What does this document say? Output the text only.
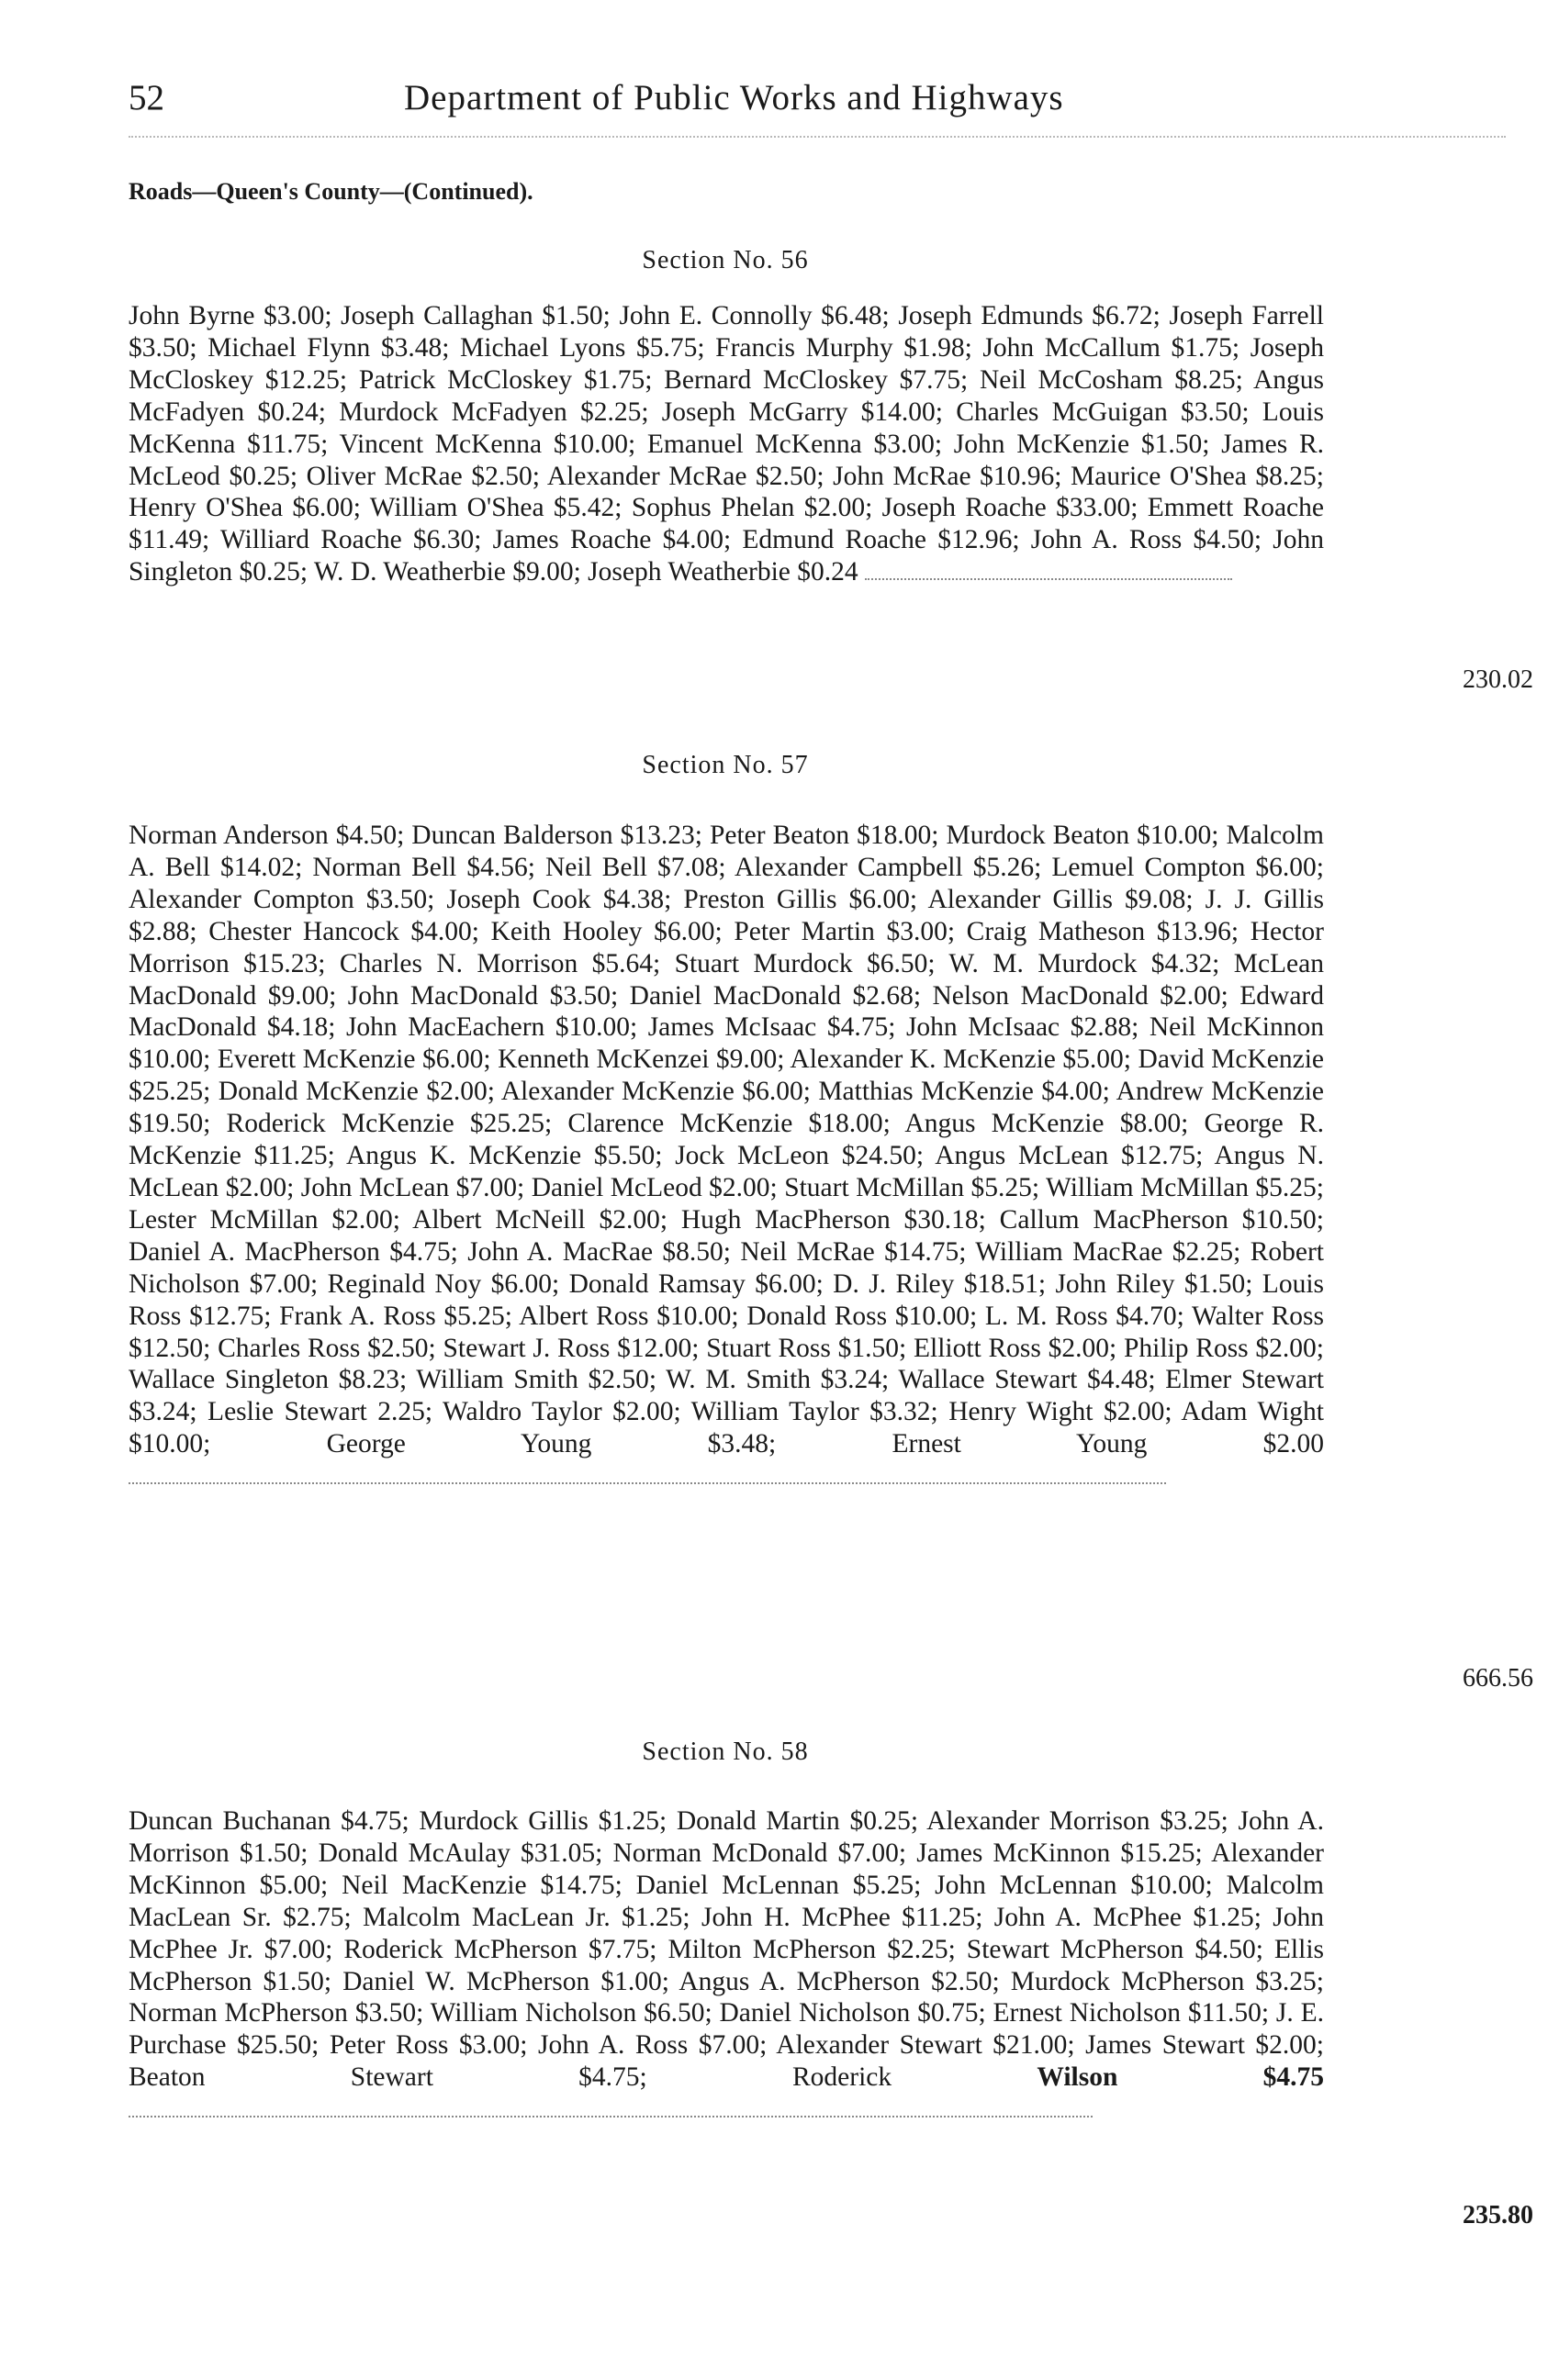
52	Department of Public Works and Highways
Roads—Queen's County—(Continued).
Section No. 56

John Byrne $3.00; Joseph Callaghan $1.50; John E. Connolly $6.48; Joseph Edmunds $6.72; Joseph Farrell $3.50; Michael Flynn $3.48; Michael Lyons $5.75; Francis Murphy $1.98; John McCallum $1.75; Joseph McCloskey $12.25; Patrick McCloskey $1.75; Bernard McCloskey $7.75; Neil McCosham $8.25; Angus McFadyen $0.24; Murdock McFadyen $2.25; Joseph McGarry $14.00; Charles McGuigan $3.50; Louis McKenna $11.75; Vincent McKenna $10.00; Emanuel McKenna $3.00; John McKenzie $1.50; James R. McLeod $0.25; Oliver McRae $2.50; Alexander McRae $2.50; John McRae $10.96; Maurice O'Shea $8.25; Henry O'Shea $6.00; William O'Shea $5.42; Sophus Phelan $2.00; Joseph Roache $33.00; Emmett Roache $11.49; Williard Roache $6.30; James Roache $4.00; Edmund Roache $12.96; John A. Ross $4.50; John Singleton $0.25; W. D. Weatherbie $9.00; Joseph Weatherbie $0.24

230.02
Section No. 57

Norman Anderson $4.50; Duncan Balderson $13.23; Peter Beaton $18.00; Murdock Beaton $10.00; Malcolm A. Bell $14.02; Norman Bell $4.56; Neil Bell $7.08; Alexander Campbell $5.26; Lemuel Compton $6.00; Alexander Compton $3.50; Joseph Cook $4.38; Preston Gillis $6.00; Alexander Gillis $9.08; J. J. Gillis $2.88; Chester Hancock $4.00; Keith Hooley $6.00; Peter Martin $3.00; Craig Matheson $13.96; Hector Morrison $15.23; Charles N. Morrison $5.64; Stuart Murdock $6.50; W. M. Murdock $4.32; McLean MacDonald $9.00; John MacDonald $3.50; Daniel MacDonald $2.68; Nelson MacDonald $2.00; Edward MacDonald $4.18; John MacEachern $10.00; James McIsaac $4.75; John McIsaac $2.88; Neil McKinnon $10.00; Everett McKenzie $6.00; Kenneth McKenzei $9.00; Alexander K. McKenzie $5.00; David McKenzie $25.25; Donald McKenzie $2.00; Alexander McKenzie $6.00; Matthias McKenzie $4.00; Andrew McKenzie $19.50; Roderick McKenzie $25.25; Clarence McKenzie $18.00; Angus McKenzie $8.00; George R. McKenzie $11.25; Angus K. McKenzie $5.50; Jock McLeon $24.50; Angus McLean $12.75; Angus N. McLean $2.00; John McLean $7.00; Daniel McLeod $2.00; Stuart McMillan $5.25; William McMillan $5.25; Lester McMillan $2.00; Albert McNeill $2.00; Hugh MacPherson $30.18; Callum MacPherson $10.50; Daniel A. MacPherson $4.75; John A. MacRae $8.50; Neil McRae $14.75; William MacRae $2.25; Robert Nicholson $7.00; Reginald Noy $6.00; Donald Ramsay $6.00; D. J. Riley $18.51; John Riley $1.50; Louis Ross $12.75; Frank A. Ross $5.25; Albert Ross $10.00; Donald Ross $10.00; L. M. Ross $4.70; Walter Ross $12.50; Charles Ross $2.50; Stewart J. Ross $12.00; Stuart Ross $1.50; Elliott Ross $2.00; Philip Ross $2.00; Wallace Singleton $8.23; William Smith $2.50; W. M. Smith $3.24; Wallace Stewart $4.48; Elmer Stewart $3.24; Leslie Stewart 2.25; Waldro Taylor $2.00; William Taylor $3.32; Henry Wight $2.00; Adam Wight $10.00; George Young $3.48; Ernest Young $2.00

666.56
Section No. 58

Duncan Buchanan $4.75; Murdock Gillis $1.25; Donald Martin $0.25; Alexander Morrison $3.25; John A. Morrison $1.50; Donald McAulay $31.05; Norman McDonald $7.00; James McKinnon $15.25; Alexander McKinnon $5.00; Neil MacKenzie $14.75; Daniel McLennan $5.25; John McLennan $10.00; Malcolm MacLean Sr. $2.75; Malcolm MacLean Jr. $1.25; John H. McPhee $11.25; John A. McPhee $1.25; John McPhee Jr. $7.00; Roderick McPherson $7.75; Milton McPherson $2.25; Stewart McPherson $4.50; Ellis McPherson $1.50; Daniel W. McPherson $1.00; Angus A. McPherson $2.50; Murdock McPherson $3.25; Norman McPherson $3.50; William Nicholson $6.50; Daniel Nicholson $0.75; Ernest Nicholson $11.50; J. E. Purchase $25.50; Peter Ross $3.00; John A. Ross $7.00; Alexander Stewart $21.00; James Stewart $2.00; Beaton Stewart $4.75; Roderick	Wilson $4.75

235.80
